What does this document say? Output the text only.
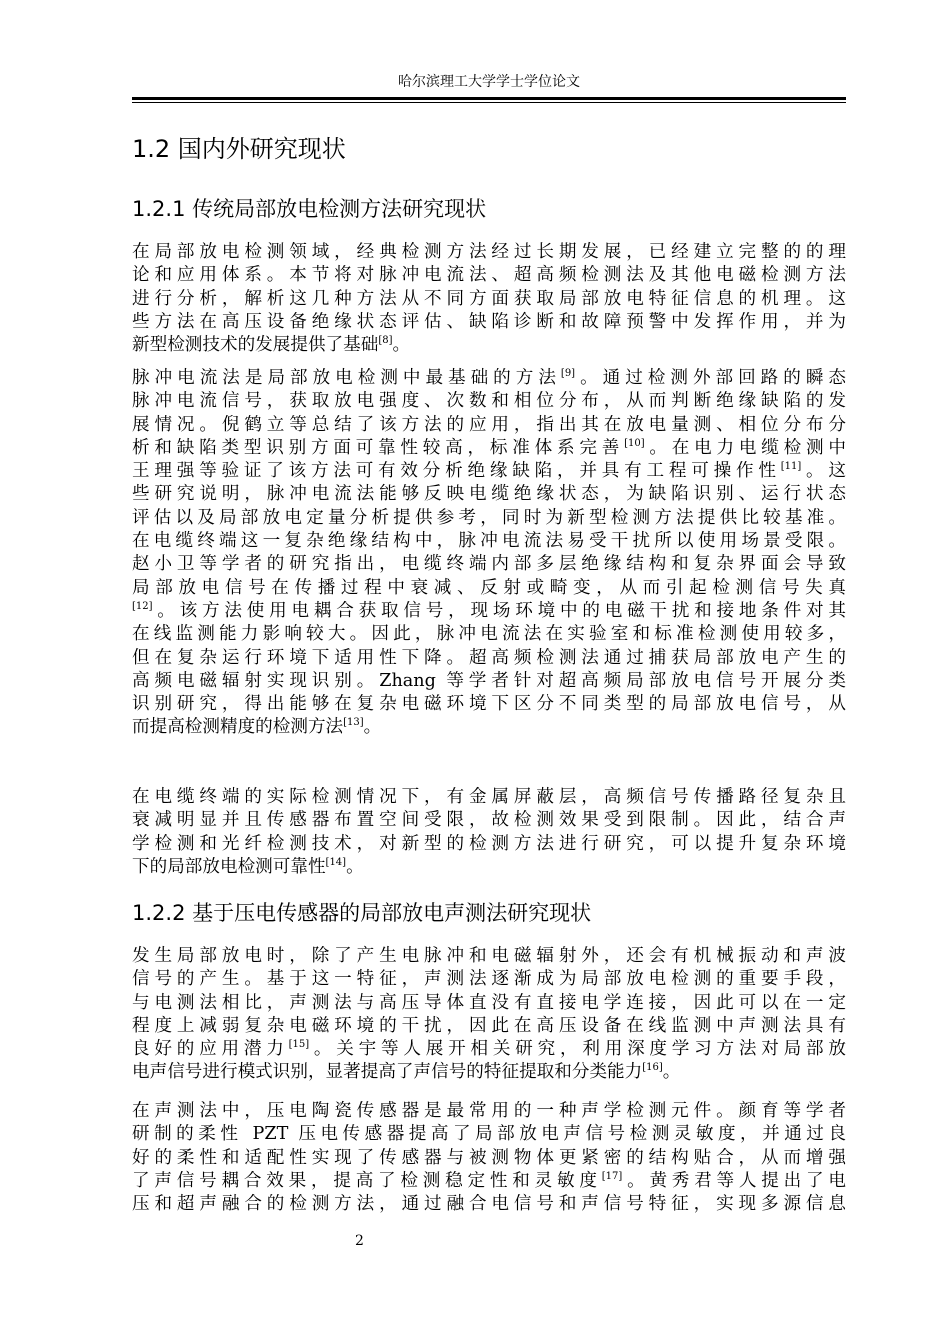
哈尔滨理工大学学士学位论文
1.2 国内外研究现状
1.2.1 传统局部放电检测方法研究现状
在局部放电检测领域，经典检测方法经过长期发展，已经建立完整的的理
论和应用体系。本节将对脉冲电流法、超高频检测法及其他电磁检测方法
进行分析，解析这几种方法从不同方面获取局部放电特征信息的机理。这
些方法在高压设备绝缘状态评估、缺陷诊断和故障预警中发挥作用，并为
新型检测技术的发展提供了基础[8]。
脉冲电流法是局部放电检测中最基础的方法[9]。通过检测外部回路的瞬态
脉冲电流信号，获取放电强度、次数和相位分布，从而判断绝缘缺陷的发
展情况。倪鹤立等总结了该方法的应用，指出其在放电量测、相位分布分
析和缺陷类型识别方面可靠性较高，标准体系完善[10]。在电力电缆检测中
王理强等验证了该方法可有效分析绝缘缺陷，并具有工程可操作性[11]。这
些研究说明，脉冲电流法能够反映电缆绝缘状态，为缺陷识别、运行状态
评估以及局部放电定量分析提供参考，同时为新型检测方法提供比较基准。
在电缆终端这一复杂绝缘结构中，脉冲电流法易受干扰所以使用场景受限。
赵小卫等学者的研究指出，电缆终端内部多层绝缘结构和复杂界面会导致
局部放电信号在传播过程中衰减、反射或畸变，从而引起检测信号失真
[12]。该方法使用电耦合获取信号，现场环境中的电磁干扰和接地条件对其
在线监测能力影响较大。因此，脉冲电流法在实验室和标准检测使用较多，
但在复杂运行环境下适用性下降。超高频检测法通过捕获局部放电产生的
高频电磁辐射实现识别。Zhang 等学者针对超高频局部放电信号开展分类
识别研究，得出能够在复杂电磁环境下区分不同类型的局部放电信号，从
而提高检测精度的检测方法[13]。
在电缆终端的实际检测情况下，有金属屏蔽层，高频信号传播路径复杂且
衰减明显并且传感器布置空间受限，故检测效果受到限制。因此，结合声
学检测和光纤检测技术，对新型的检测方法进行研究，可以提升复杂环境
下的局部放电检测可靠性[14]。
1.2.2 基于压电传感器的局部放电声测法研究现状
发生局部放电时，除了产生电脉冲和电磁辐射外，还会有机械振动和声波
信号的产生。基于这一特征，声测法逐渐成为局部放电检测的重要手段，
与电测法相比，声测法与高压导体直没有直接电学连接，因此可以在一定
程度上减弱复杂电磁环境的干扰，因此在高压设备在线监测中声测法具有
良好的应用潜力[15]。关宇等人展开相关研究，利用深度学习方法对局部放
电声信号进行模式识别，显著提高了声信号的特征提取和分类能力[16]。
在声测法中，压电陶瓷传感器是最常用的一种声学检测元件。颜育等学者
研制的柔性 PZT 压电传感器提高了局部放电声信号检测灵敏度，并通过良
好的柔性和适配性实现了传感器与被测物体更紧密的结构贴合，从而增强
了声信号耦合效果，提高了检测稳定性和灵敏度[17]。黄秀君等人提出了电
压和超声融合的检测方法，通过融合电信号和声信号特征，实现多源信息
2
